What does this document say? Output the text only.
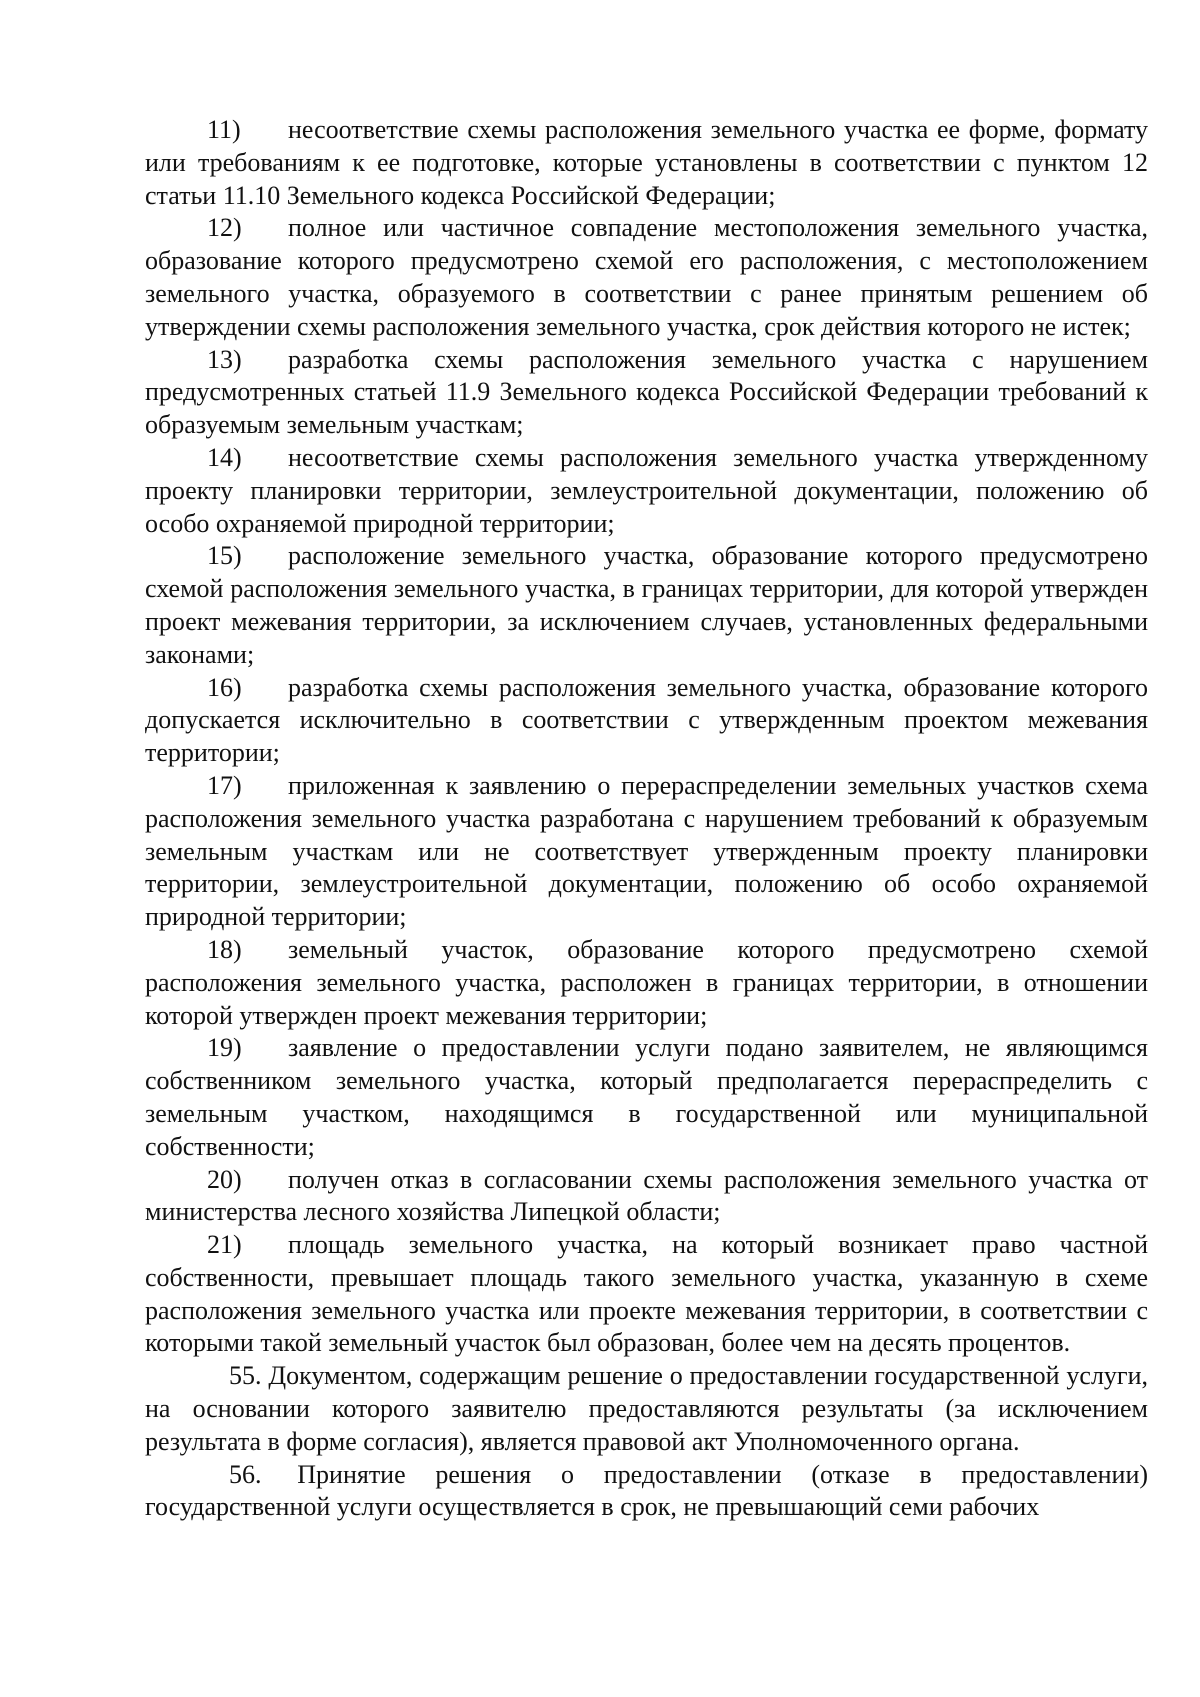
11) несоответствие схемы расположения земельного участка ее форме, формату или требованиям к ее подготовке, которые установлены в соответствии с пунктом 12 статьи 11.10 Земельного кодекса Российской Федерации;

12) полное или частичное совпадение местоположения земельного участка, образование которого предусмотрено схемой его расположения, с местоположением земельного участка, образуемого в соответствии с ранее принятым решением об утверждении схемы расположения земельного участка, срок действия которого не истек;

13) разработка схемы расположения земельного участка с нарушением предусмотренных статьей 11.9 Земельного кодекса Российской Федерации требований к образуемым земельным участкам;

14) несоответствие схемы расположения земельного участка утвержденному проекту планировки территории, землеустроительной документации, положению об особо охраняемой природной территории;

15) расположение земельного участка, образование которого предусмотрено схемой расположения земельного участка, в границах территории, для которой утвержден проект межевания территории, за исключением случаев, установленных федеральными законами;

16) разработка схемы расположения земельного участка, образование которого допускается исключительно в соответствии с утвержденным проектом межевания территории;

17) приложенная к заявлению о перераспределении земельных участков схема расположения земельного участка разработана с нарушением требований к образуемым земельным участкам или не соответствует утвержденным проекту планировки территории, землеустроительной документации, положению об особо охраняемой природной территории;

18) земельный участок, образование которого предусмотрено схемой расположения земельного участка, расположен в границах территории, в отношении которой утвержден проект межевания территории;

19) заявление о предоставлении услуги подано заявителем, не являющимся собственником земельного участка, который предполагается перераспределить с земельным участком, находящимся в государственной или муниципальной собственности;

20) получен отказ в согласовании схемы расположения земельного участка от министерства лесного хозяйства Липецкой области;

21) площадь земельного участка, на который возникает право частной собственности, превышает площадь такого земельного участка, указанную в схеме расположения земельного участка или проекте межевания территории, в соответствии с которыми такой земельный участок был образован, более чем на десять процентов.

55. Документом, содержащим решение о предоставлении государственной услуги, на основании которого заявителю предоставляются результаты (за исключением результата в форме согласия), является правовой акт Уполномоченного органа.

56. Принятие решения о предоставлении (отказе в предоставлении) государственной услуги осуществляется в срок, не превышающий семи рабочих
